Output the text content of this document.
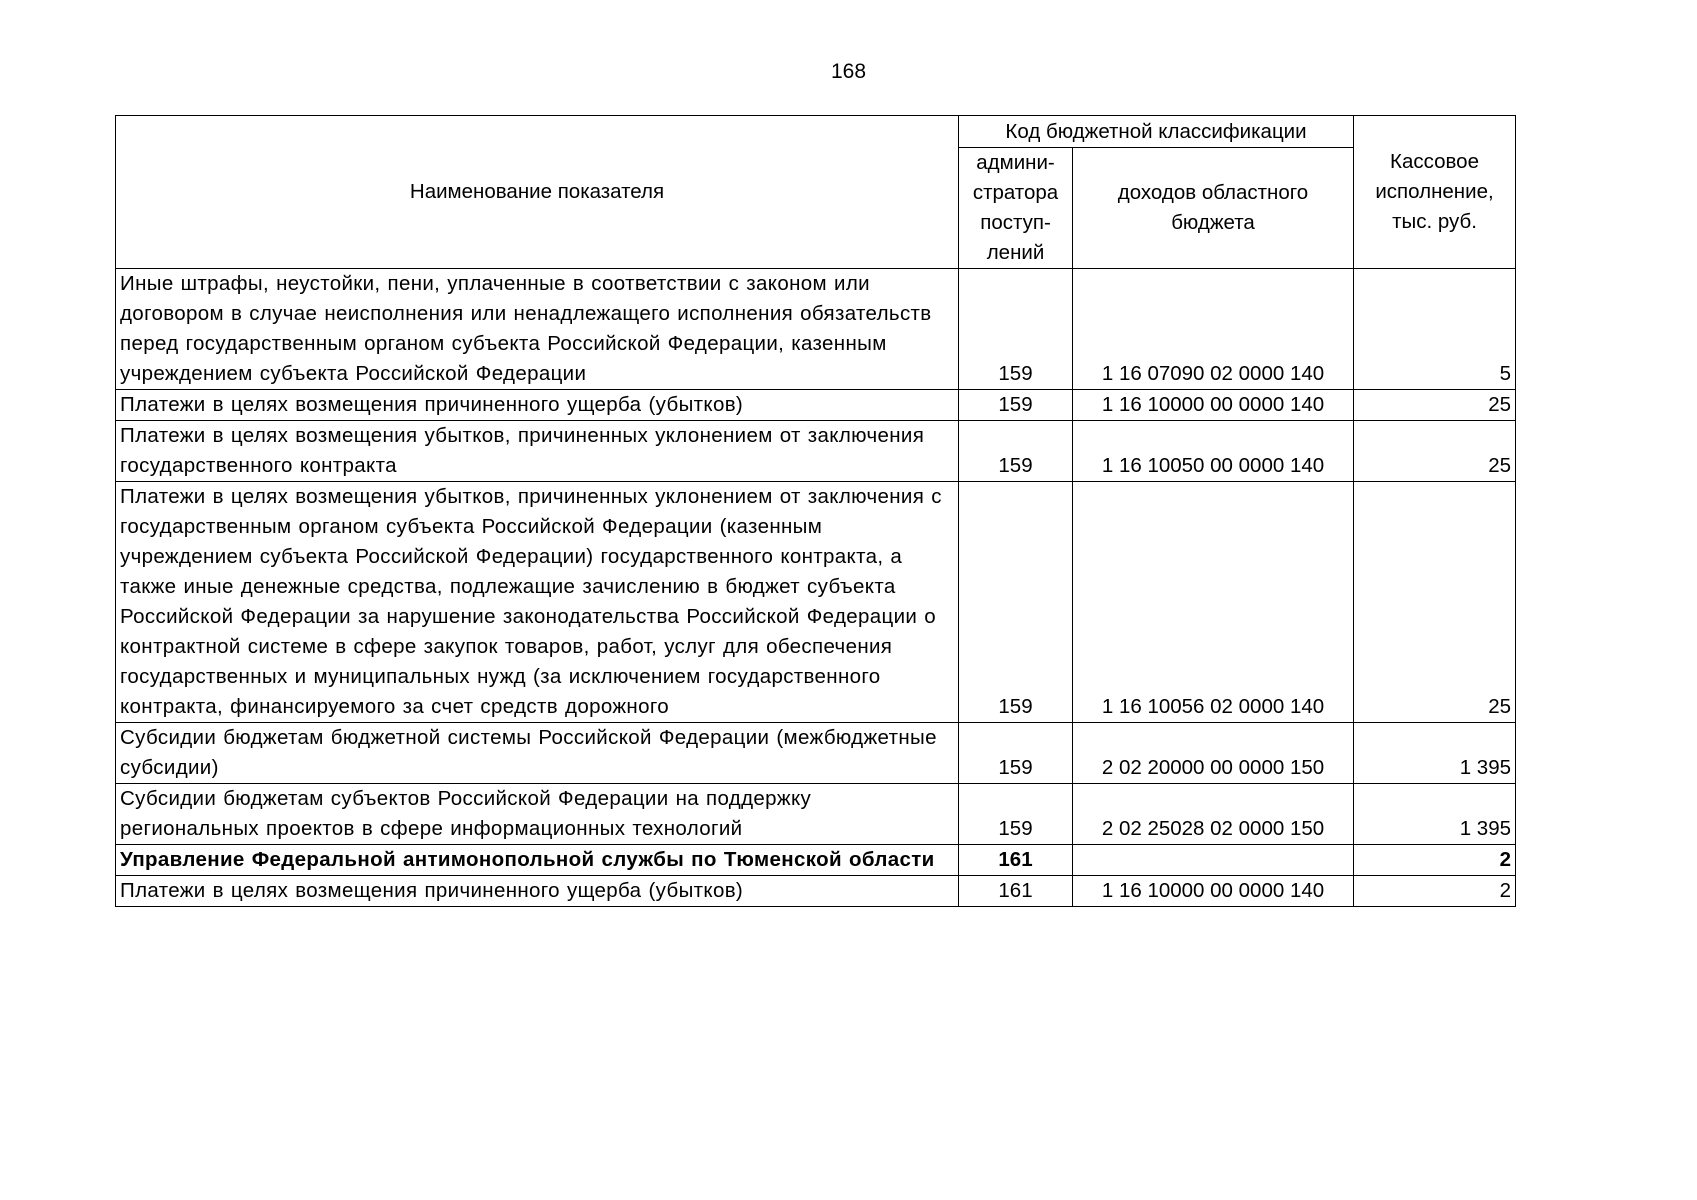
168
Наименование показателя	Код бюджетной классификации		Кассовое исполнение, тыс. руб.
	админи-стратора поступ-лений	доходов областного бюджета	
Иные штрафы, неустойки, пени, уплаченные в соответствии с законом или договором в случае неисполнения или ненадлежащего исполнения обязательств перед государственным органом субъекта Российской Федерации, казенным учреждением субъекта Российской Федерации	159	1 16 07090 02 0000 140	5
Платежи в целях возмещения причиненного ущерба (убытков)	159	1 16 10000 00 0000 140	25
Платежи в целях возмещения убытков, причиненных уклонением от заключения государственного контракта	159	1 16 10050 00 0000 140	25
Платежи в целях возмещения убытков, причиненных уклонением от заключения с государственным органом субъекта Российской Федерации (казенным учреждением субъекта Российской Федерации) государственного контракта, а также иные денежные средства, подлежащие зачислению в бюджет субъекта Российской Федерации за нарушение законодательства Российской Федерации о контрактной системе в сфере закупок товаров, работ, услуг для обеспечения государственных и муниципальных нужд (за исключением государственного контракта, финансируемого за счет средств дорожного	159	1 16 10056 02 0000 140	25
Субсидии бюджетам бюджетной системы Российской Федерации (межбюджетные субсидии)	159	2 02 20000 00 0000 150	1 395
Субсидии бюджетам субъектов Российской Федерации на поддержку региональных проектов в сфере информационных технологий	159	2 02 25028 02 0000 150	1 395
Управление Федеральной антимонопольной службы по Тюменской области	161		2
Платежи в целях возмещения причиненного ущерба (убытков)	161	1 16 10000 00 0000 140	2
